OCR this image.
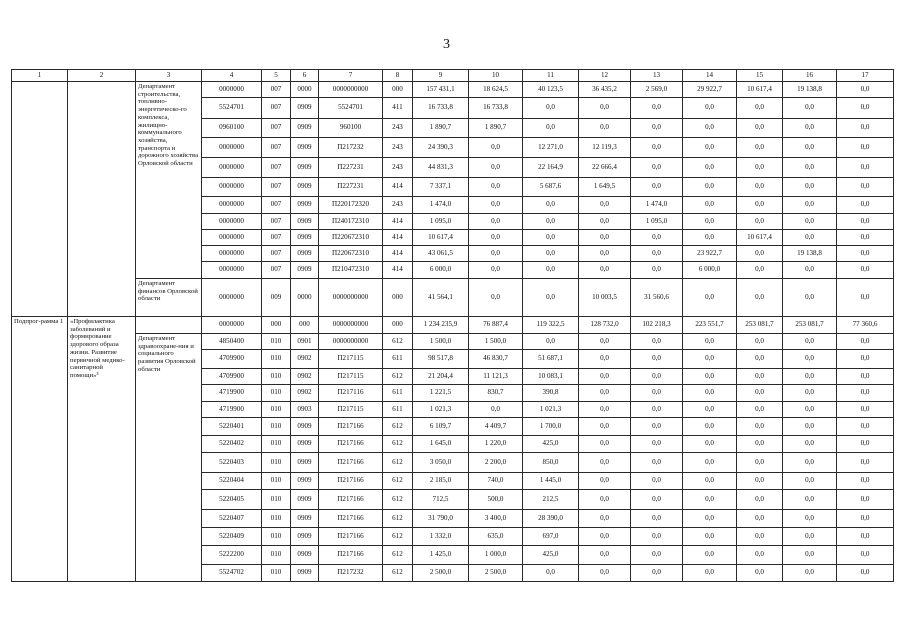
3
1	2	3	4	5	6	7	8	9	10	11	12	13	14	15	16	17
		Департамент строительства, топливно-энергетическо-го комплекса, жилищно-коммунального хозяйства, транспорта и дорожного хозяйства Орловской области	0000000	007	0000	0000000000	000	157 431,1	18 624,5	40 123,5	36 435,2	2 569,0	29 922,7	10 617,4	19 138,8	0,0
			5524701	007	0909	5524701	411	16 733,8	16 733,8	0,0	0,0	0,0	0,0	0,0	0,0	0,0
			0960100	007	0909	960100	243	1 890,7	1 890,7	0,0	0,0	0,0	0,0	0,0	0,0	0,0
			0000000	007	0909	П217232	243	24 390,3	0,0	12 271,0	12 119,3	0,0	0,0	0,0	0,0	0,0
			0000000	007	0909	П227231	243	44 831,3	0,0	22 164,9	22 666,4	0,0	0,0	0,0	0,0	0,0
			0000000	007	0909	П227231	414	7 337,1	0,0	5 687,6	1 649,5	0,0	0,0	0,0	0,0	0,0
			0000000	007	0909	П220172320	243	1 474,0	0,0	0,0	0,0	1 474,0	0,0	0,0	0,0	0,0
			0000000	007	0909	П240172310	414	1 095,0	0,0	0,0	0,0	1 095,0	0,0	0,0	0,0	0,0
			0000000	007	0909	П220672310	414	10 617,4	0,0	0,0	0,0	0,0	0,0	10 617,4	0,0	0,0
			0000000	007	0909	П220672310	414	43 061,5	0,0	0,0	0,0	0,0	23 922,7	0,0	19 138,8	0,0
			0000000	007	0909	П210472310	414	6 000,0	0,0	0,0	0,0	0,0	6 000,0	0,0	0,0	0,0
		Департамент финансов Орловской области	0000000	009	0000	0000000000	000	41 564,1	0,0	0,0	10 003,5	31 560,6	0,0	0,0	0,0	0,0
Подпрог-рамма 1	«Профилактика заболеваний и формирование здорового образа жизни. Развитие первичной медико-санитарной помощи»³		0000000	000	000	0000000000	000	1 234 235,9	76 887,4	119 322,5	128 732,0	102 218,3	223 551,7	253 081,7	253 081,7	77 360,6
		Департамент здравоохране-ния и социального развития Орловской области	4850400	010	0901	0000000000	612	1 500,0	1 500,0	0,0	0,0	0,0	0,0	0,0	0,0	0,0
			4709900	010	0902	П217115	611	98 517,8	46 830,7	51 687,1	0,0	0,0	0,0	0,0	0,0	0,0
			4709900	010	0902	П217115	612	21 204,4	11 121,3	10 083,1	0,0	0,0	0,0	0,0	0,0	0,0
			4719900	010	0902	П217116	611	1 221,5	830,7	390,8	0,0	0,0	0,0	0,0	0,0	0,0
			4719900	010	0903	П217115	611	1 021,3	0,0	1 021,3	0,0	0,0	0,0	0,0	0,0	0,0
			5220401	010	0909	П217166	612	6 109,7	4 409,7	1 700,0	0,0	0,0	0,0	0,0	0,0	0,0
			5220402	010	0909	П217166	612	1 645,0	1 220,0	425,0	0,0	0,0	0,0	0,0	0,0	0,0
			5220403	010	0909	П217166	612	3 050,0	2 200,0	850,0	0,0	0,0	0,0	0,0	0,0	0,0
			5220404	010	0909	П217166	612	2 185,0	740,0	1 445,0	0,0	0,0	0,0	0,0	0,0	0,0
			5220405	010	0909	П217166	612	712,5	500,0	212,5	0,0	0,0	0,0	0,0	0,0	0,0
			5220407	010	0909	П217166	612	31 790,0	3 400,0	28 390,0	0,0	0,0	0,0	0,0	0,0	0,0
			5220409	010	0909	П217166	612	1 332,0	635,0	697,0	0,0	0,0	0,0	0,0	0,0	0,0
			5222200	010	0909	П217166	612	1 425,0	1 000,0	425,0	0,0	0,0	0,0	0,0	0,0	0,0
			5524702	010	0909	П217232	612	2 500,0	2 500,0	0,0	0,0	0,0	0,0	0,0	0,0	0,0
